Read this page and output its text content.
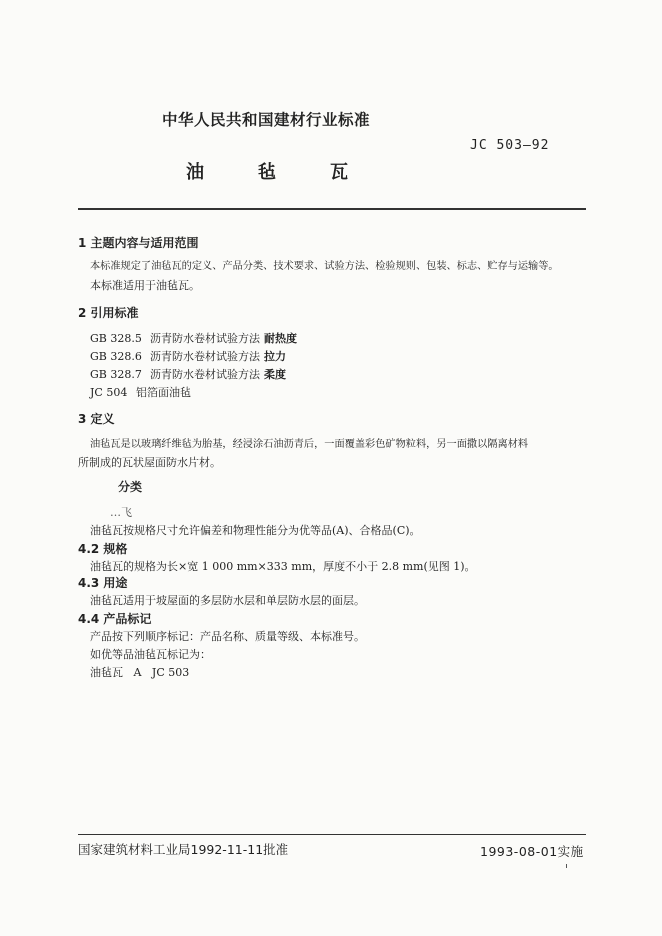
中华人民共和国建材行业标准
JC 503—92
油	毡	瓦
1 主题内容与适用范围
本标准规定了油毡瓦的定义、产品分类、技术要求、试验方法、检验规则、包装、标志、贮存与运输等。
本标准适用于油毡瓦。
2 引用标准
GB 328.5 沥青防水卷材试验方法 耐热度
GB 328.6 沥青防水卷材试验方法 拉力
GB 328.7 沥青防水卷材试验方法 柔度
JC 504 铝箔面油毡
3 定义
油毡瓦是以玻璃纤维毡为胎基，经浸涂石油沥青后，一面覆盖彩色矿物粒料，另一面撒以隔离材料
所制成的瓦状屋面防水片材。
分类
…飞
油毡瓦按规格尺寸允许偏差和物理性能分为优等品(A)、合格品(C)。
4.2 规格
油毡瓦的规格为长×宽 1 000 mm×333 mm，厚度不小于 2.8 mm(见图 1)。
4.3 用途
油毡瓦适用于坡屋面的多层防水层和单层防水层的面层。
4.4 产品标记
产品按下列顺序标记：产品名称、质量等级、本标准号。
如优等品油毡瓦标记为：
油毡瓦   A   JC 503
国家建筑材料工业局1992-11-11批准	1993-08-01实施
